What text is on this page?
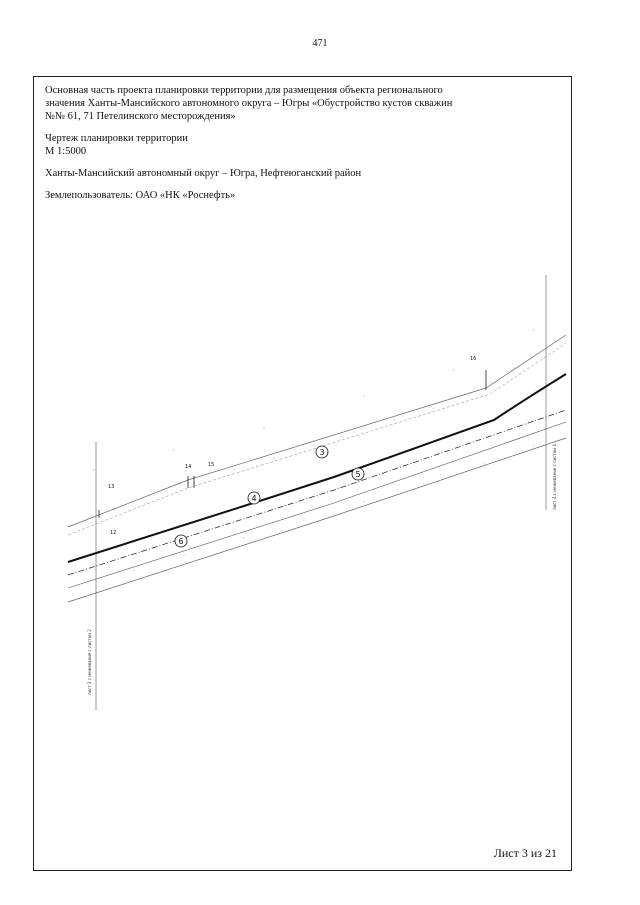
471
Основная часть проекта планировки территории для размещения объекта регионального
значения Ханты-Мансийского автономного округа – Югры «Обустройство кустов скважин
№№ 61, 71 Петелинского месторождения»
Чертеж планировки территории
М 1:5000
Ханты-Мансийский автономный округ – Югра, Нефтеюганский район
Землепользователь: ОАО «НК «Роснефть»
лист 2 с межевание с листом 2
лист 4 с межевание с листом 4
12
13
14	15
16
3
4
5
6
Лист 3 из 21
